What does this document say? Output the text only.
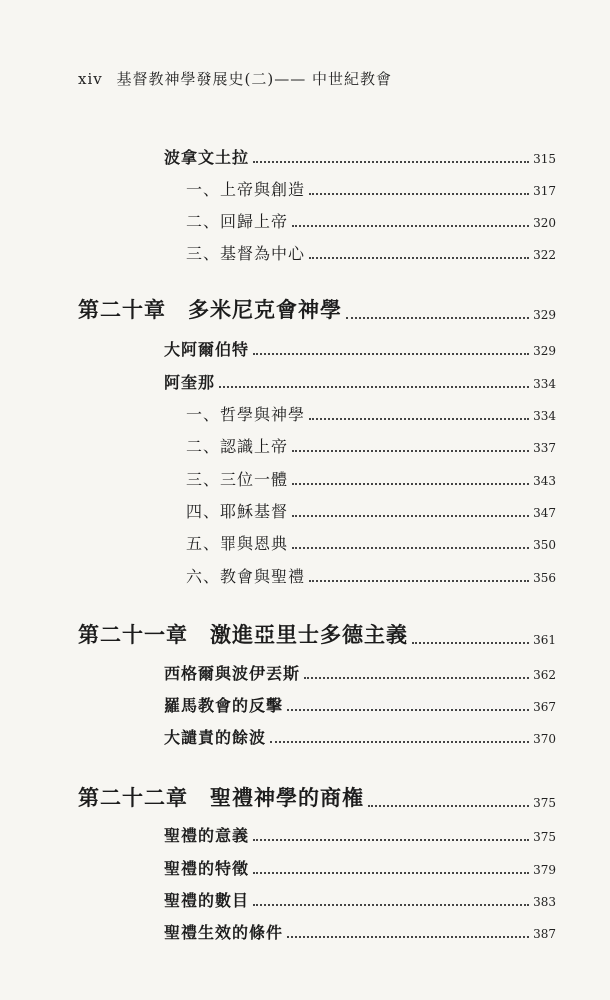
xiv 基督教神學發展史(二)—— 中世紀教會
波拿文土拉	315
一、上帝與創造	317
二、回歸上帝	320
三、基督為中心	322
第二十章 多米尼克會神學	329
大阿爾伯特	329
阿奎那	334
一、哲學與神學	334
二、認識上帝	337
三、三位一體	343
四、耶穌基督	347
五、罪與恩典	350
六、教會與聖禮	356
第二十一章 激進亞里士多德主義	361
西格爾與波伊丟斯	362
羅馬教會的反擊	367
大譴責的餘波	370
第二十二章 聖禮神學的商権	375
聖禮的意義	375
聖禮的特徵	379
聖禮的數目	383
聖禮生效的條件	387
